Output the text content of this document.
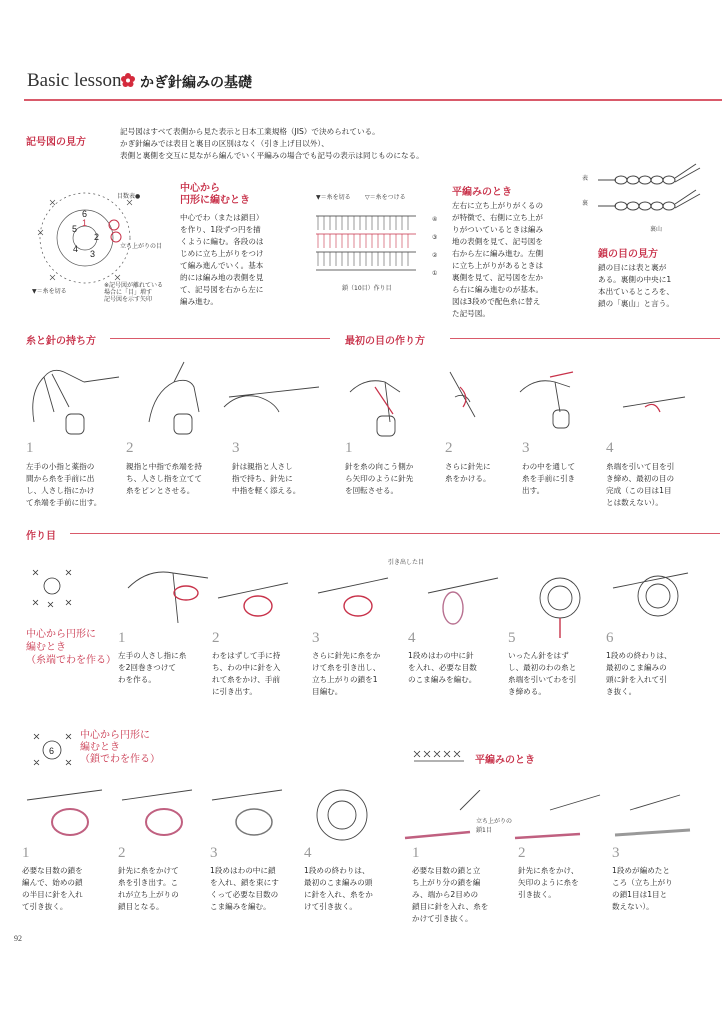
Basic lesson かぎ針編みの基礎
記号図の見方
記号図はすべて表側から見た表示と日本工業規格（JIS）で決められている。
かぎ針編みでは表目と裏目の区別はなく（引き上げ目以外）、
表側と裏側を交互に見ながら編んでいく平編みの場合でも記号の表示は同じものになる。
6
5
4 3
2
1
目数表●
立ち上がりの目
▼＝糸を切る
※記号図が離れている
場合に「目」増す
記号図を示す矢印
中心から
円形に編むとき
中心でわ（または鎖目）
を作り、1段ずつ円を描
くように編む。各段のは
じめに立ち上がりをつけ
て編み進んでいく。基本
的には編み地の表側を見
て、記号図を右から左に
編み進む。
▼＝糸を切る ▽＝糸をつける
④
③
②
①
鎖（10目）作り目
平編みのとき
左右に立ち上がりがくるの
が特徴で、右側に立ち上が
りがついているときは編み
地の表側を見て、記号図を
右から左に編み進む。左側
に立ち上がりがあるときは
裏側を見て、記号図を左か
ら右に編み進むのが基本。
図は3段めで配色糸に替え
た記号図。
表
裏
裏山
鎖の目の見方
鎖の目には表と裏が
ある。裏側の中央に1
本出ているところを、
鎖の「裏山」と言う。
糸と針の持ち方
1
左手の小指と薬指の
間から糸を手前に出
し、人さし指にかけ
て糸端を手前に出す。
2
親指と中指で糸端を持
ち、人さし指を立てて
糸をピンとさせる。
3
針は親指と人さし
指で持ち、針先に
中指を軽く添える。
最初の目の作り方
1
針を糸の向こう側か
ら矢印のように針先
を回転させる。
2
さらに針先に
糸をかける。
3
わの中を通して
糸を手前に引き
出す。
4
糸端を引いて目を引
き締め、最初の目の
完成（この目は1目
とは数えない）。
作り目
中心から円形に
編むとき
（糸端でわを作る）
引き出した目
1
左手の人さし指に糸
を2回巻きつけて
わを作る。
2
わをはずして手に持
ち、わの中に針を入
れて糸をかけ、手前
に引き出す。
3
さらに針先に糸をか
けて糸を引き出し、
立ち上がりの鎖を1
目編む。
4
1段めはわの中に針
を入れ、必要な目数
のこま編みを編む。
5
いったん針をはず
し、最初のわの糸と
糸端を引いてわを引
き締める。
6
1段めの終わりは、
最初のこま編みの
頭に針を入れて引
き抜く。
6
中心から円形に
編むとき
（鎖でわを作る）
1
必要な目数の鎖を
編んで、始めの鎖
の半目に針を入れ
て引き抜く。
2
針先に糸をかけて
糸を引き出す。こ
れが立ち上がりの
鎖目となる。
3
1段めはわの中に鎖
を入れ、鎖を束にす
くって必要な目数の
こま編みを編む。
4
1段めの終わりは、
最初のこま編みの頭
に針を入れ、糸をか
けて引き抜く。
平編みのとき
立ち上がりの
鎖1目
1
必要な目数の鎖と立
ち上がり分の鎖を編
み、端から2目めの
鎖目に針を入れ、糸を
かけて引き抜く。
2
針先に糸をかけ、
矢印のように糸を
引き抜く。
3
1段めが編めたと
ころ（立ち上がり
の鎖1目は1目と
数えない）。
92
